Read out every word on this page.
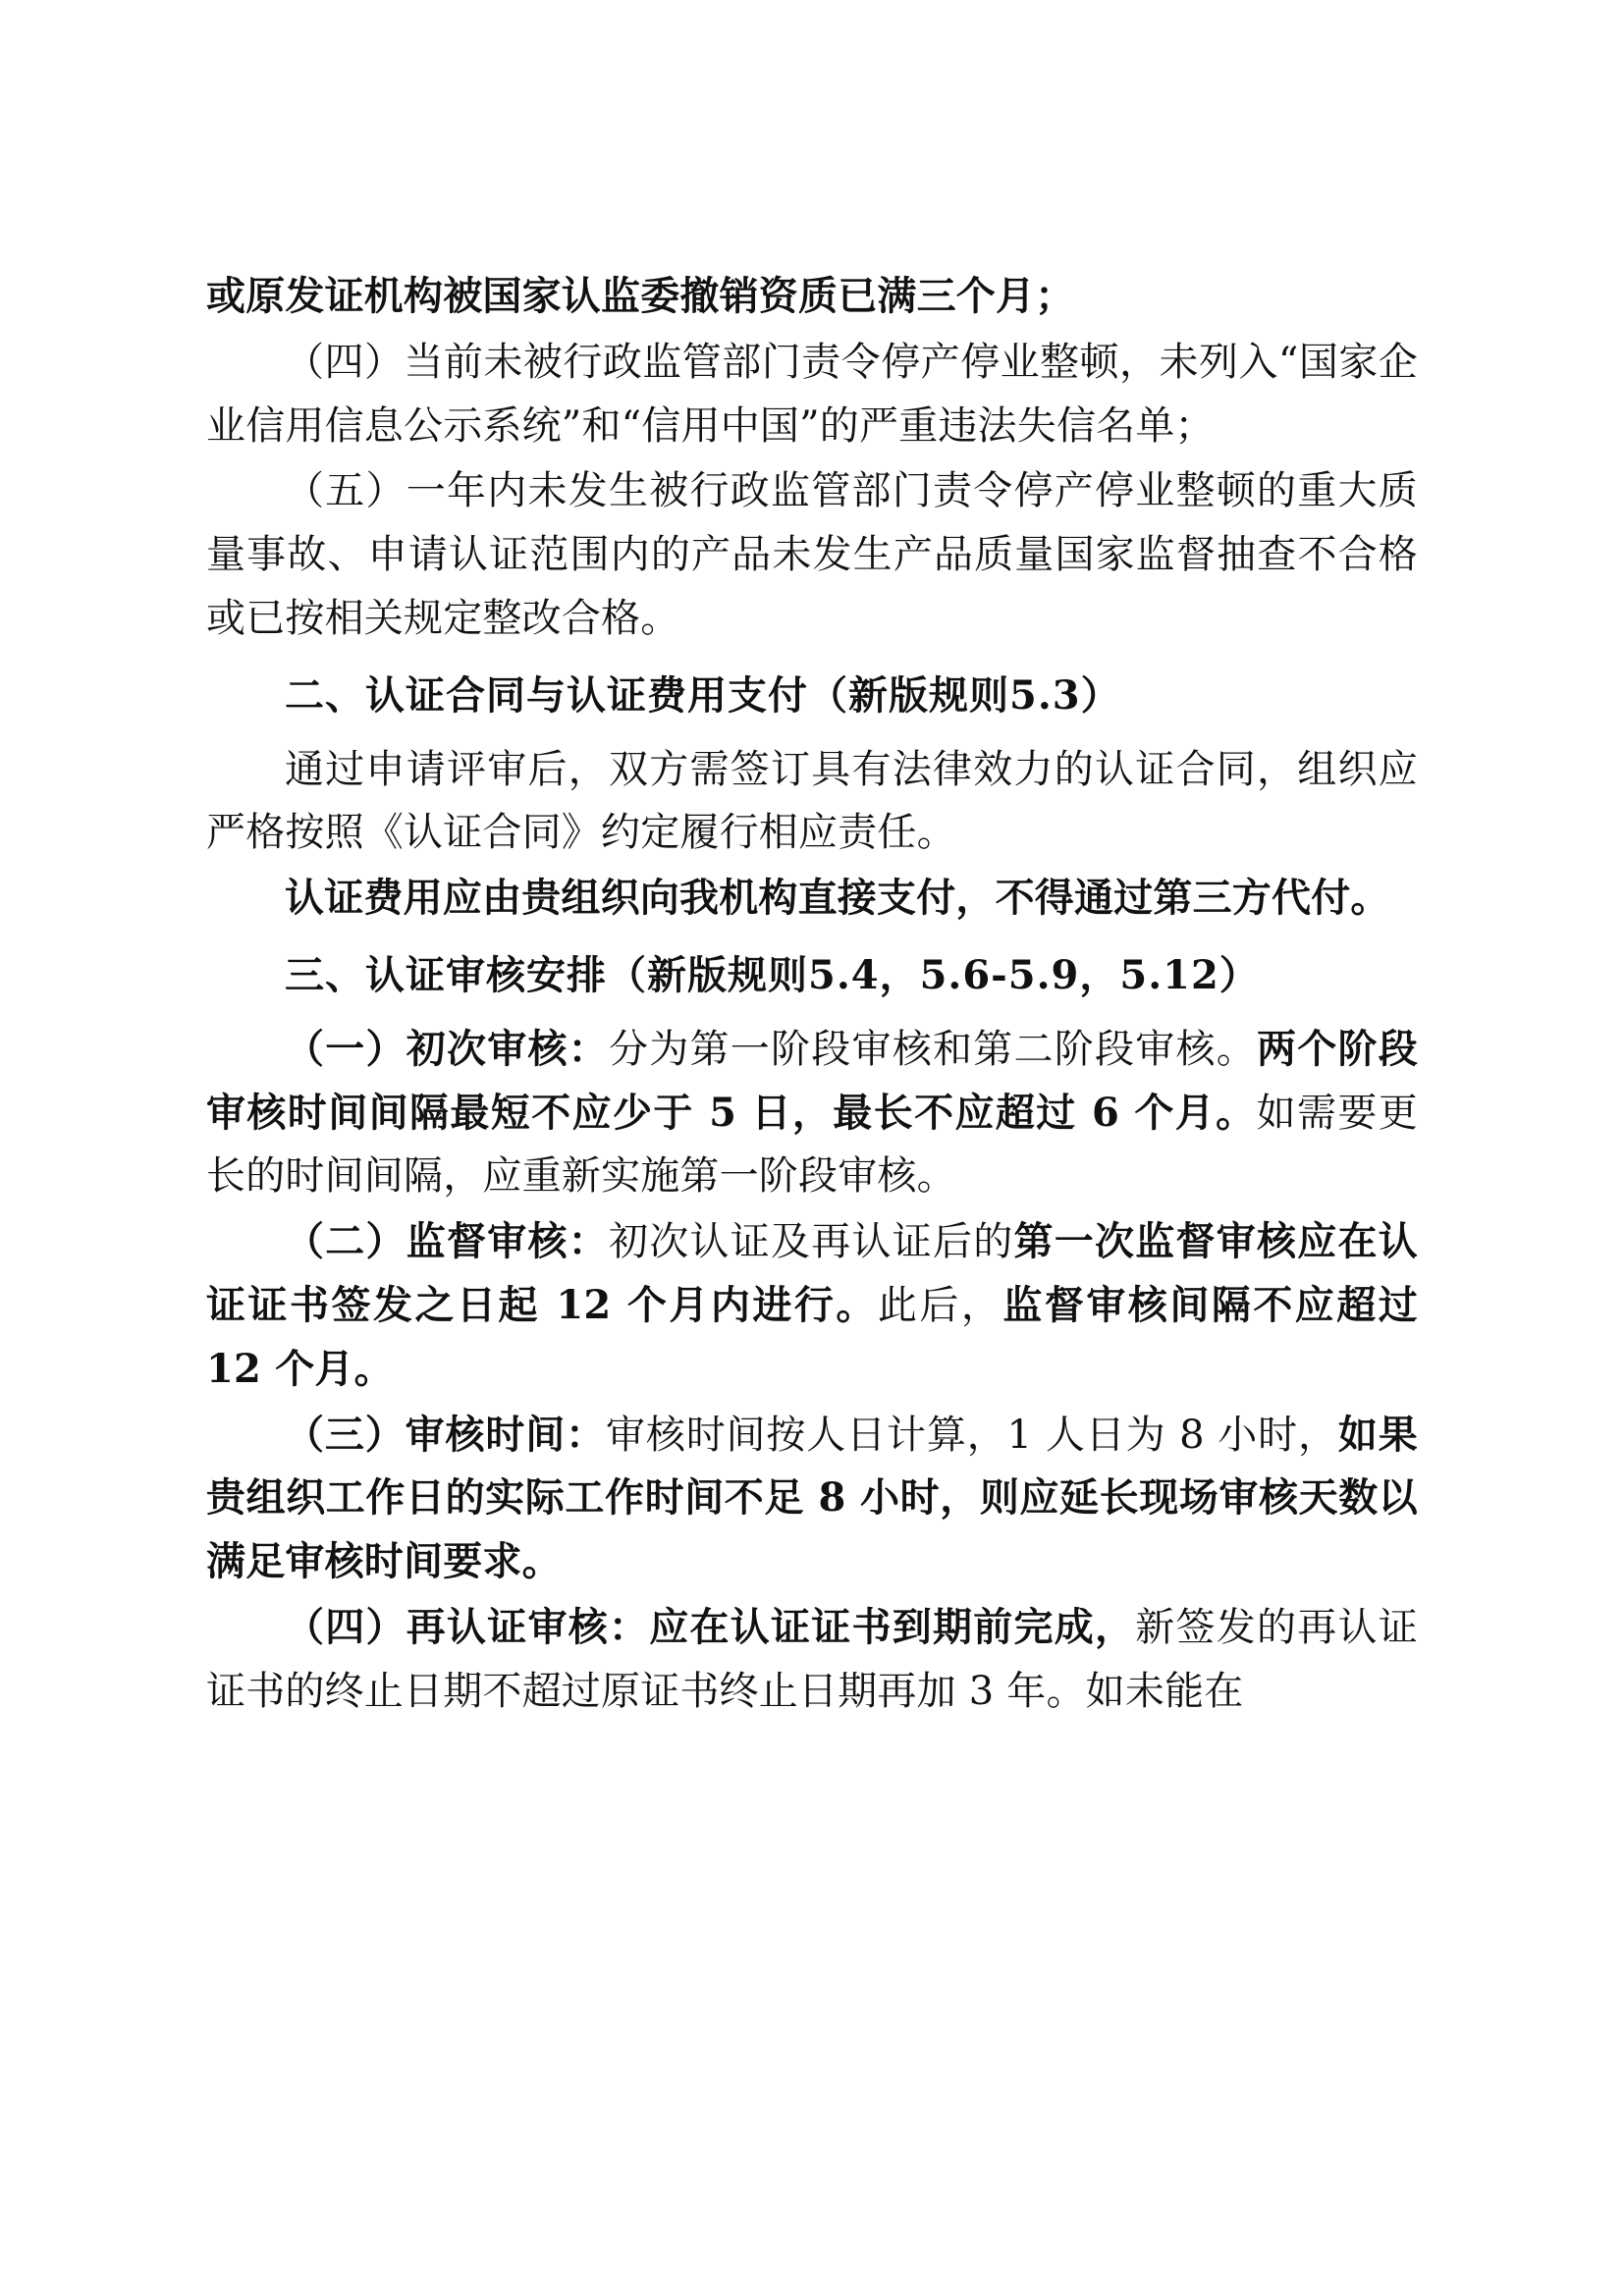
或原发证机构被国家认监委撤销资质已满三个月；

（四）当前未被行政监管部门责令停产停业整顿，未列入“国家企业信用信息公示系统”和“信用中国”的严重违法失信名单；

（五）一年内未发生被行政监管部门责令停产停业整顿的重大质量事故、申请认证范围内的产品未发生产品质量国家监督抽查不合格或已按相关规定整改合格。

二、认证合同与认证费用支付（新版规则5.3）

通过申请评审后，双方需签订具有法律效力的认证合同，组织应严格按照《认证合同》约定履行相应责任。

认证费用应由贵组织向我机构直接支付，不得通过第三方代付。

三、认证审核安排（新版规则5.4，5.6-5.9，5.12）

（一）初次审核：分为第一阶段审核和第二阶段审核。两个阶段审核时间间隔最短不应少于 5 日，最长不应超过 6 个月。如需要更长的时间间隔，应重新实施第一阶段审核。

（二）监督审核：初次认证及再认证后的第一次监督审核应在认证证书签发之日起 12 个月内进行。此后，监督审核间隔不应超过 12 个月。

（三）审核时间：审核时间按人日计算，1 人日为 8 小时，如果贵组织工作日的实际工作时间不足 8 小时，则应延长现场审核天数以满足审核时间要求。

（四）再认证审核：应在认证证书到期前完成，新签发的再认证证书的终止日期不超过原证书终止日期再加 3 年。如未能在
